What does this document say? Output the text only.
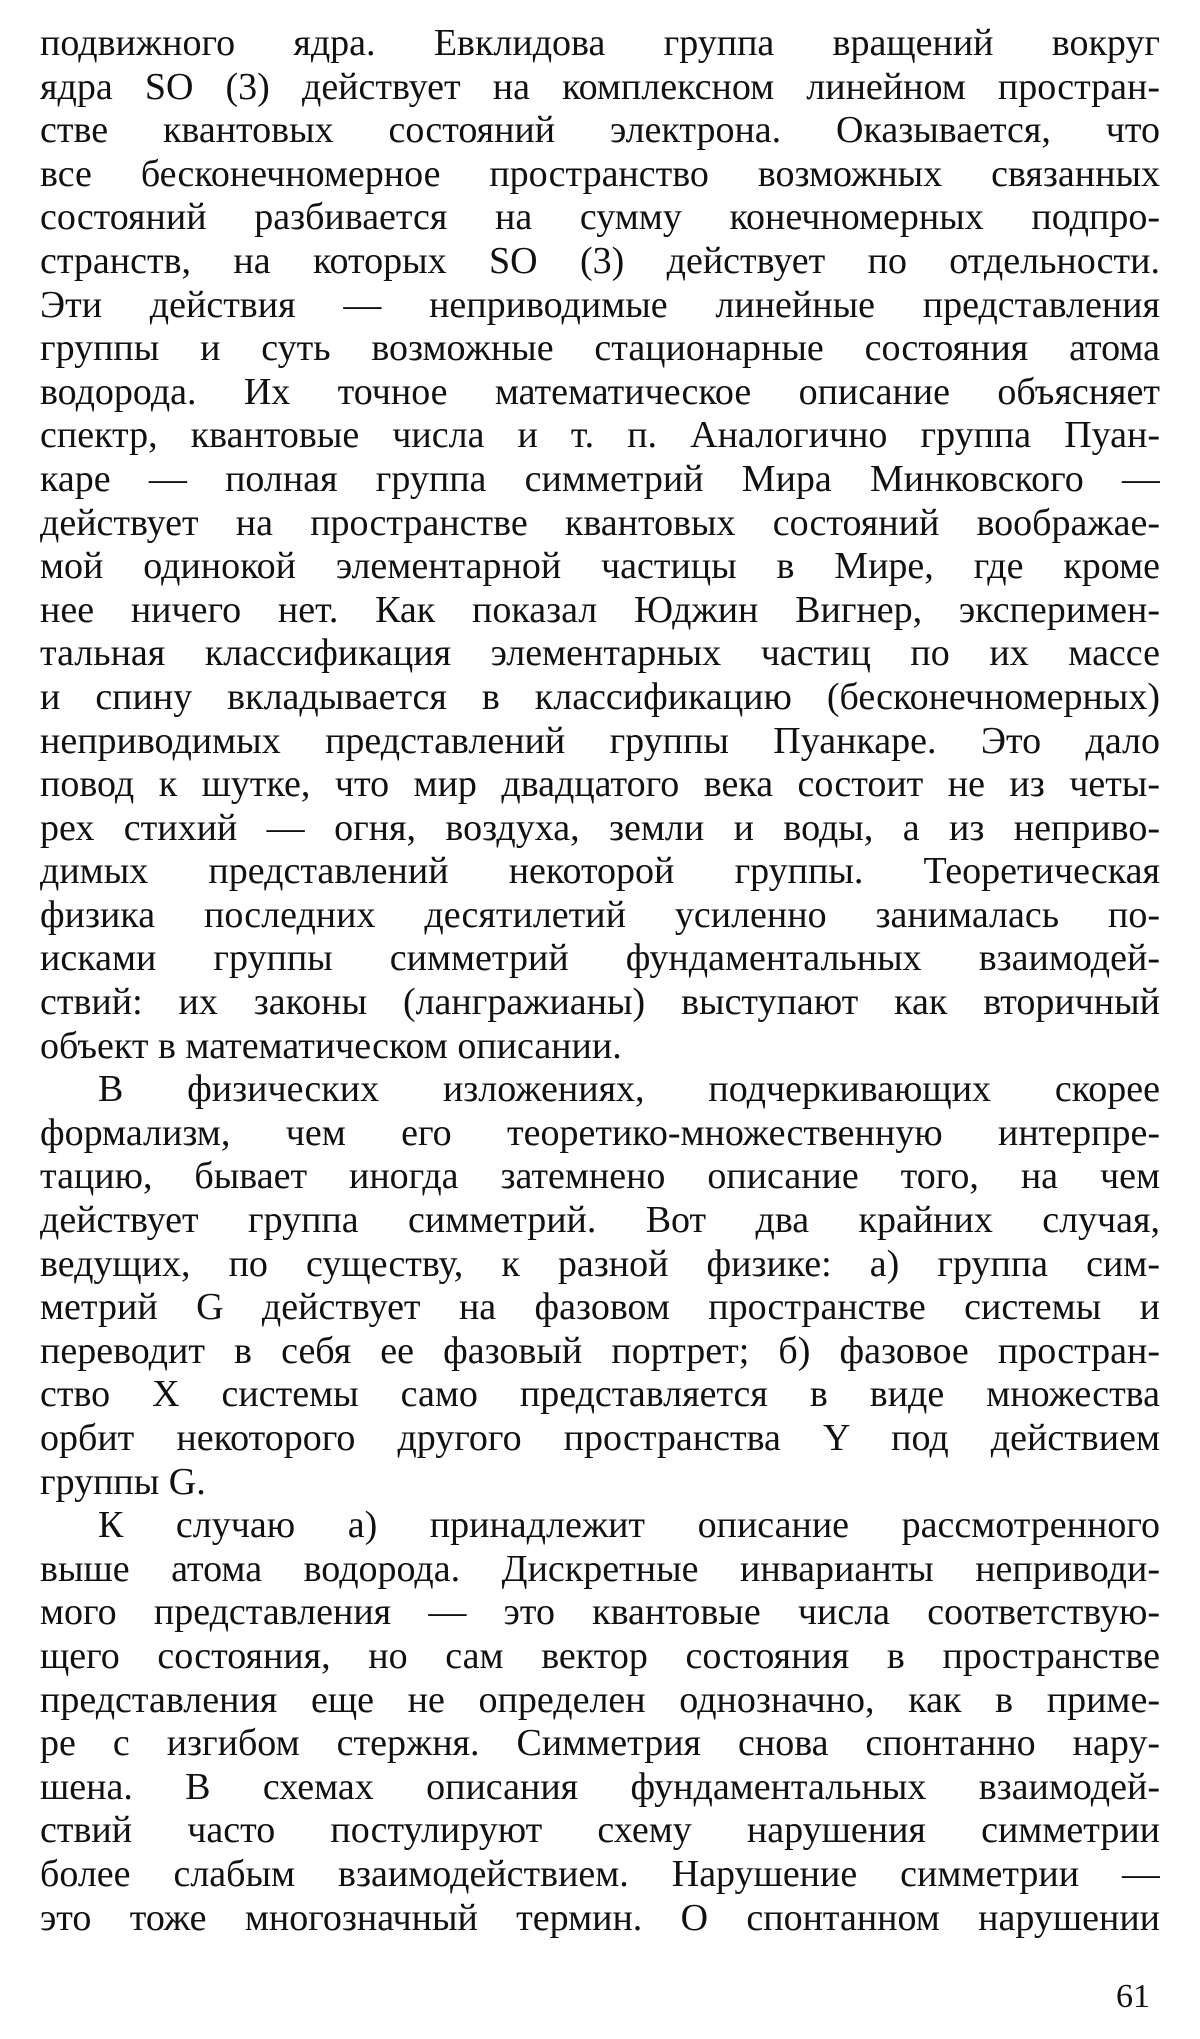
подвижного ядра. Евклидова группа вращений вокруг
ядра SO (3) действует на комплексном линейном простран-
стве квантовых состояний электрона. Оказывается, что
все бесконечномерное пространство возможных связанных
состояний разбивается на сумму конечномерных подпро-
странств, на которых SO (3) действует по отдельности.
Эти действия — неприводимые линейные представления
группы и суть возможные стационарные состояния атома
водорода. Их точное математическое описание объясняет
спектр, квантовые числа и т. п. Аналогично группа Пуан-
каре — полная группа симметрий Мира Минковского —
действует на пространстве квантовых состояний воображае-
мой одинокой элементарной частицы в Мире, где кроме
нее ничего нет. Как показал Юджин Вигнер, эксперимен-
тальная классификация элементарных частиц по их массе
и спину вкладывается в классификацию (бесконечномерных)
неприводимых представлений группы Пуанкаре. Это дало
повод к шутке, что мир двадцатого века состоит не из четы-
рех стихий — огня, воздуха, земли и воды, а из неприво-
димых представлений некоторой группы. Теоретическая
физика последних десятилетий усиленно занималась по-
исками группы симметрий фундаментальных взаимодей-
ствий: их законы (лангражианы) выступают как вторичный
объект в математическом описании.
В физических изложениях, подчеркивающих скорее
формализм, чем его теоретико-множественную интерпре-
тацию, бывает иногда затемнено описание того, на чем
действует группа симметрий. Вот два крайних случая,
ведущих, по существу, к разной физике: а) группа сим-
метрий G действует на фазовом пространстве системы и
переводит в себя ее фазовый портрет; б) фазовое простран-
ство X системы само представляется в виде множества
орбит некоторого другого пространства Y под действием
группы G.
К случаю а) принадлежит описание рассмотренного
выше атома водорода. Дискретные инварианты неприводи-
мого представления — это квантовые числа соответствую-
щего состояния, но сам вектор состояния в пространстве
представления еще не определен однозначно, как в приме-
ре с изгибом стержня. Симметрия снова спонтанно нару-
шена. В схемах описания фундаментальных взаимодей-
ствий часто постулируют схему нарушения симметрии
более слабым взаимодействием. Нарушение симметрии —
это тоже многозначный термин. О спонтанном нарушении
61
